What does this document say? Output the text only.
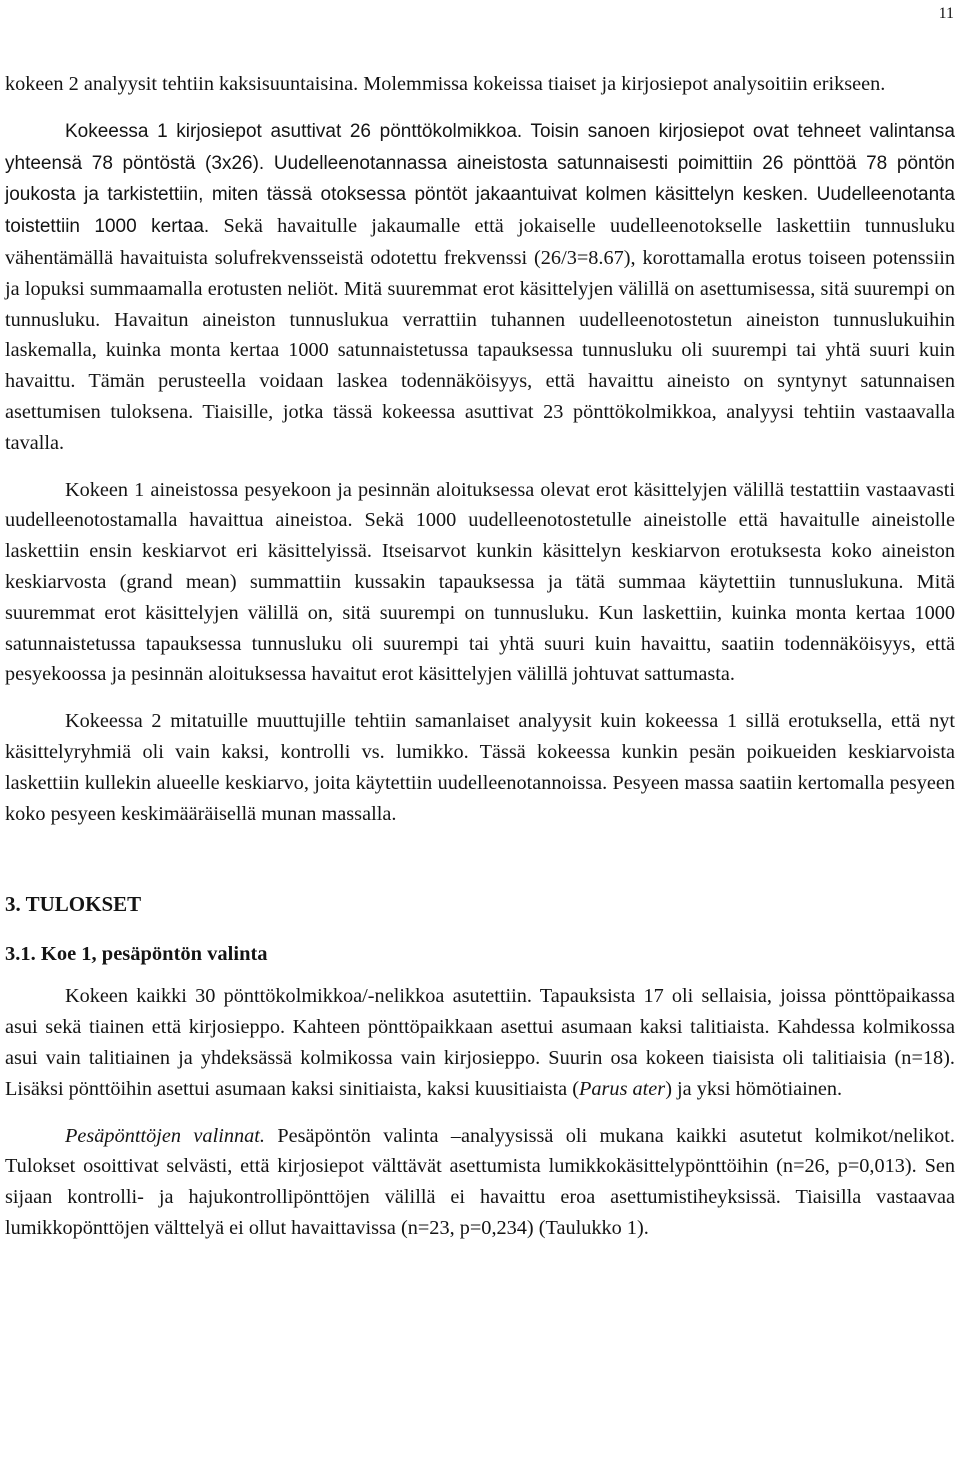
11

kokeen 2 analyysit tehtiin kaksisuuntaisina. Molemmissa kokeissa tiaiset ja kirjosiepot analysoitiin erikseen.

Kokeessa 1 kirjosiepot asuttivat 26 pönttökolmikkoa. Toisin sanoen kirjosiepot ovat tehneet valintansa yhteensä 78 pöntöstä (3x26). Uudelleenotannassa aineistosta satunnaisesti poimittiin 26 pönttöä 78 pöntön joukosta ja tarkistettiin, miten tässä otoksessa pöntöt jakaantuivat kolmen käsittelyn kesken. Uudelleenotanta toistettiin 1000 kertaa. Sekä havaitulle jakaumalle että jokaiselle uudelleenotokselle laskettiin tunnusluku vähentämällä havaituista solufrekvensseistä odotettu frekvenssi (26/3=8.67), korottamalla erotus toiseen potenssiin ja lopuksi summaamalla erotusten neliöt. Mitä suuremmat erot käsittelyjen välillä on asettumisessa, sitä suurempi on tunnusluku. Havaitun aineiston tunnuslukua verrattiin tuhannen uudelleenotostetun aineiston tunnuslukuihin laskemalla, kuinka monta kertaa 1000 satunnaistetussa tapauksessa tunnusluku oli suurempi tai yhtä suuri kuin havaittu. Tämän perusteella voidaan laskea todennäköisyys, että havaittu aineisto on syntynyt satunnaisen asettumisen tuloksena. Tiaisille, jotka tässä kokeessa asuttivat 23 pönttökolmikkoa, analyysi tehtiin vastaavalla tavalla.

Kokeen 1 aineistossa pesyekoon ja pesinnän aloituksessa olevat erot käsittelyjen välillä testattiin vastaavasti uudelleenotostamalla havaittua aineistoa. Sekä 1000 uudelleenotostetulle aineistolle että havaitulle aineistolle laskettiin ensin keskiarvot eri käsittelyissä. Itseisarvot kunkin käsittelyn keskiarvon erotuksesta koko aineiston keskiarvosta (grand mean) summattiin kussakin tapauksessa ja tätä summaa käytettiin tunnuslukuna. Mitä suuremmat erot käsittelyjen välillä on, sitä suurempi on tunnusluku. Kun laskettiin, kuinka monta kertaa 1000 satunnaistetussa tapauksessa tunnusluku oli suurempi tai yhtä suuri kuin havaittu, saatiin todennäköisyys, että pesyekoossa ja pesinnän aloituksessa havaitut erot käsittelyjen välillä johtuvat sattumasta.

Kokeessa 2 mitatuille muuttujille tehtiin samanlaiset analyysit kuin kokeessa 1 sillä erotuksella, että nyt käsittelyryhmiä oli vain kaksi, kontrolli vs. lumikko. Tässä kokeessa kunkin pesän poikueiden keskiarvoista laskettiin kullekin alueelle keskiarvo, joita käytettiin uudelleenotannoissa. Pesyeen massa saatiin kertomalla pesyeen koko pesyeen keskimääräisellä munan massalla.

3. TULOKSET
3.1. Koe 1, pesäpöntön valinta

Kokeen kaikki 30 pönttökolmikkoa/-nelikkoa asutettiin. Tapauksista 17 oli sellaisia, joissa pönttöpaikassa asui sekä tiainen että kirjosieppo. Kahteen pönttöpaikkaan asettui asumaan kaksi talitiaista. Kahdessa kolmikossa asui vain talitiainen ja yhdeksässä kolmikossa vain kirjosieppo. Suurin osa kokeen tiaisista oli talitiaisia (n=18). Lisäksi pönttöihin asettui asumaan kaksi sinitiaista, kaksi kuusitiaista (Parus ater) ja yksi hömötiainen.

Pesäpönttöjen valinnat. Pesäpöntön valinta –analyysissä oli mukana kaikki asutetut kolmikot/nelikot. Tulokset osoittivat selvästi, että kirjosiepot välttävät asettumista lumikkokäsittelypönttöihin (n=26, p=0,013). Sen sijaan kontrolli- ja hajukontrollipönttöjen välillä ei havaittu eroa asettumistiheyksissä. Tiaisilla vastaavaa lumikkopönttöjen välttelyä ei ollut havaittavissa (n=23, p=0,234) (Taulukko 1).
